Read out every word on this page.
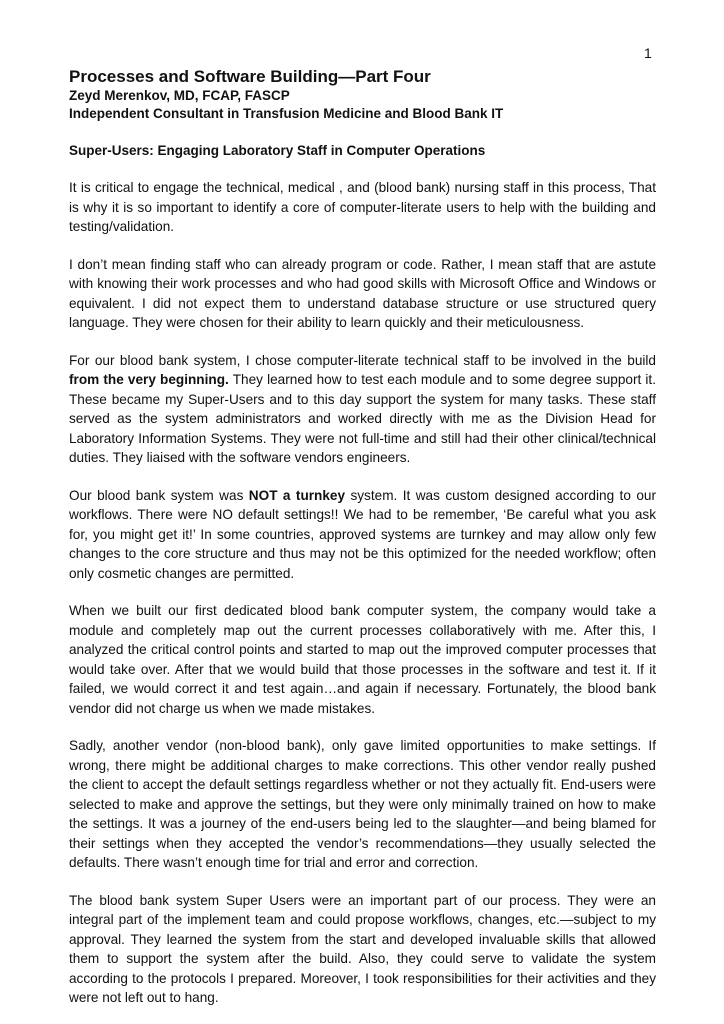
1
Processes and Software Building—Part Four
Zeyd Merenkov, MD, FCAP, FASCP
Independent Consultant in Transfusion Medicine and Blood Bank IT
Super-Users: Engaging Laboratory Staff in Computer Operations

It is critical to engage the technical, medical , and (blood bank) nursing staff in this process, That is why it is so important to identify a core of computer-literate users to help with the building and testing/validation.

I don’t mean finding staff who can already program or code. Rather, I mean staff that are astute with knowing their work processes and who had good skills with Microsoft Office and Windows or equivalent. I did not expect them to understand database structure or use structured query language. They were chosen for their ability to learn quickly and their meticulousness.

For our blood bank system, I chose computer-literate technical staff to be involved in the build from the very beginning. They learned how to test each module and to some degree support it. These became my Super-Users and to this day support the system for many tasks. These staff served as the system administrators and worked directly with me as the Division Head for Laboratory Information Systems. They were not full-time and still had their other clinical/technical duties. They liaised with the software vendors engineers.

Our blood bank system was NOT a turnkey system. It was custom designed according to our workflows. There were NO default settings!! We had to be remember, ‘Be careful what you ask for, you might get it!’ In some countries, approved systems are turnkey and may allow only few changes to the core structure and thus may not be this optimized for the needed workflow; often only cosmetic changes are permitted.

When we built our first dedicated blood bank computer system, the company would take a module and completely map out the current processes collaboratively with me. After this, I analyzed the critical control points and started to map out the improved computer processes that would take over. After that we would build that those processes in the software and test it. If it failed, we would correct it and test again…and again if necessary. Fortunately, the blood bank vendor did not charge us when we made mistakes.

Sadly, another vendor (non-blood bank), only gave limited opportunities to make settings. If wrong, there might be additional charges to make corrections. This other vendor really pushed the client to accept the default settings regardless whether or not they actually fit. End-users were selected to make and approve the settings, but they were only minimally trained on how to make the settings. It was a journey of the end-users being led to the slaughter—and being blamed for their settings when they accepted the vendor’s recommendations—they usually selected the defaults. There wasn’t enough time for trial and error and correction.

The blood bank system Super Users were an important part of our process. They were an integral part of the implement team and could propose workflows, changes, etc.—subject to my approval. They learned the system from the start and developed invaluable skills that allowed them to support the system after the build. Also, they could serve to validate the system according to the protocols I prepared. Moreover, I took responsibilities for their activities and they were not left out to hang.
